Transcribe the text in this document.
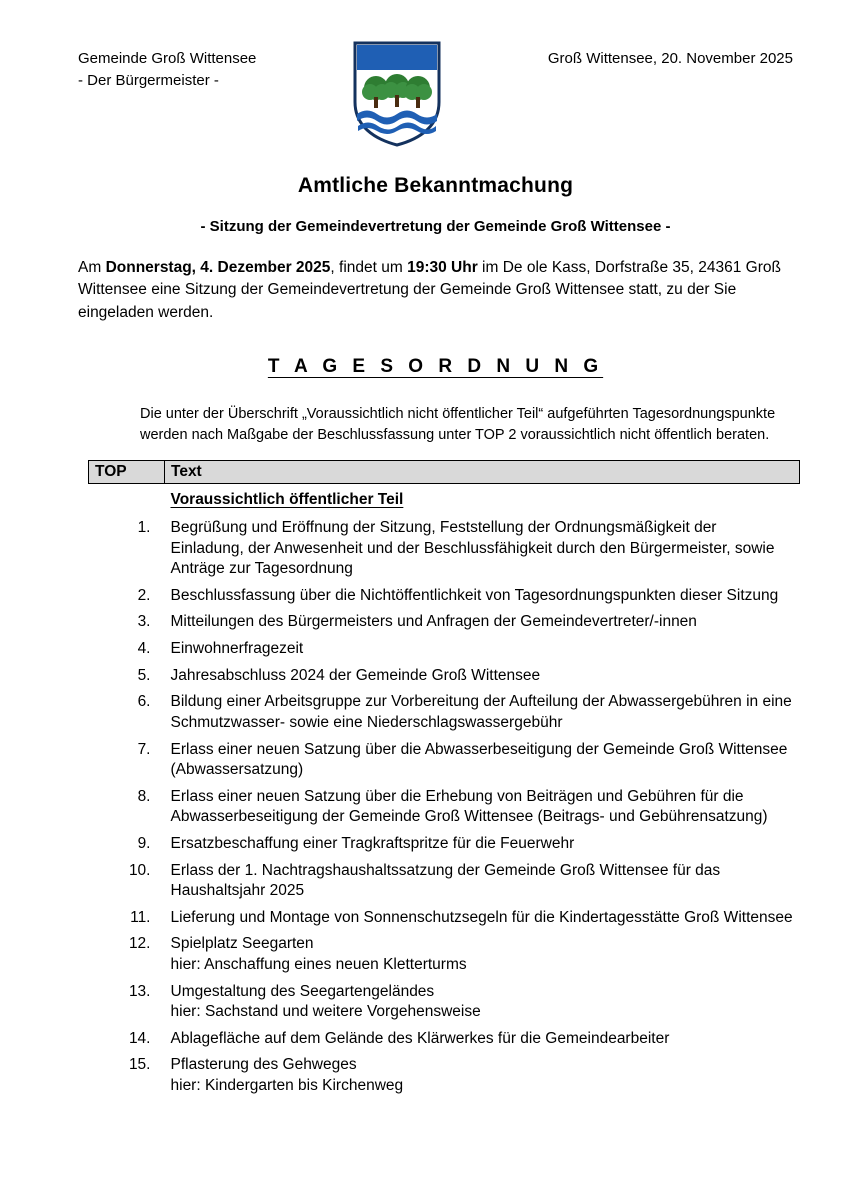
Gemeinde Groß Wittensee
- Der Bürgermeister -
Groß Wittensee, 20. November 2025
Amtliche Bekanntmachung
- Sitzung der Gemeindevertretung der Gemeinde Groß Wittensee -
Am Donnerstag, 4. Dezember 2025, findet um 19:30 Uhr im De ole Kass, Dorfstraße 35, 24361 Groß Wittensee eine Sitzung der Gemeindevertretung der Gemeinde Groß Wittensee statt, zu der Sie eingeladen werden.
T A G E S O R D N U N G
Die unter der Überschrift „Voraussichtlich nicht öffentlicher Teil“ aufgeführten Tagesordnungspunkte werden nach Maßgabe der Beschlussfassung unter TOP 2 voraussichtlich nicht öffentlich beraten.
TOP	Text
	Voraussichtlich öffentlicher Teil
1.	Begrüßung und Eröffnung der Sitzung, Feststellung der Ordnungsmäßigkeit der Einladung, der Anwesenheit und der Beschlussfähigkeit durch den Bürgermeister, sowie Anträge zur Tagesordnung
2.	Beschlussfassung über die Nichtöffentlichkeit von Tagesordnungspunkten dieser Sitzung
3.	Mitteilungen des Bürgermeisters und Anfragen der Gemeindevertreter/-innen
4.	Einwohnerfragezeit
5.	Jahresabschluss 2024 der Gemeinde Groß Wittensee
6.	Bildung einer Arbeitsgruppe zur Vorbereitung der Aufteilung der Abwassergebühren in eine Schmutzwasser- sowie eine Niederschlagswassergebühr
7.	Erlass einer neuen Satzung über die Abwasserbeseitigung der Gemeinde Groß Wittensee (Abwassersatzung)
8.	Erlass einer neuen Satzung über die Erhebung von Beiträgen und Gebühren für die Abwasserbeseitigung der Gemeinde Groß Wittensee (Beitrags- und Gebührensatzung)
9.	Ersatzbeschaffung einer Tragkraftspritze für die Feuerwehr
10.	Erlass der 1. Nachtragshaushaltssatzung der Gemeinde Groß Wittensee für das Haushaltsjahr 2025
11.	Lieferung und Montage von Sonnenschutzsegeln für die Kindertagesstätte Groß Wittensee
12.	Spielplatz Seegarten
hier: Anschaffung eines neuen Kletterturms

13.	Umgestaltung des Seegartengeländes
hier: Sachstand und weitere Vorgehensweise

14.	Ablagefläche auf dem Gelände des Klärwerkes für die Gemeindearbeiter
15.	Pflasterung des Gehweges
hier: Kindergarten bis Kirchenweg
